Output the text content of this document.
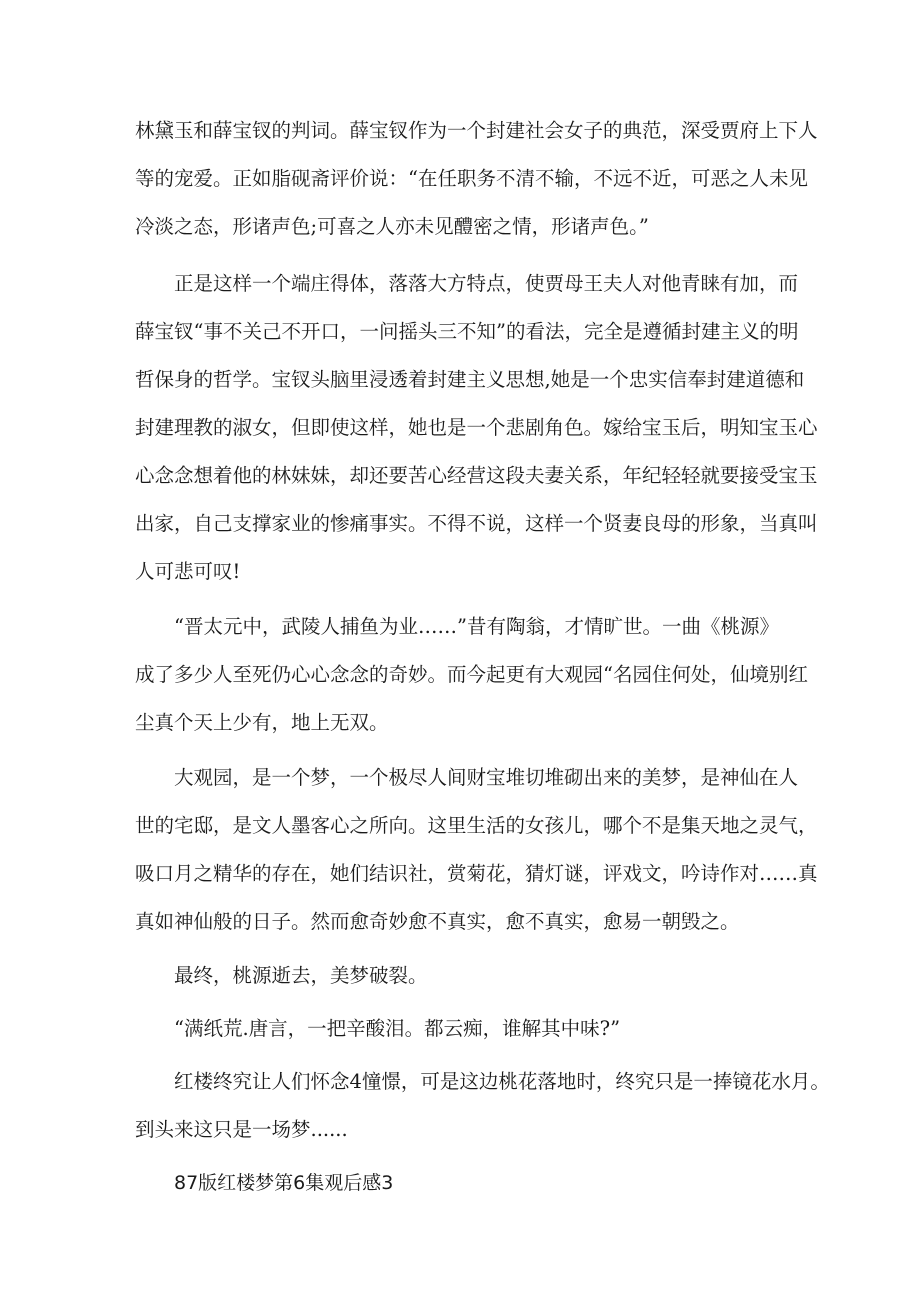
林黛玉和薛宝钗的判词。薛宝钗作为一个封建社会女子的典范，深受贾府上下人
等的宠爱。正如脂砚斋评价说：“在任职务不清不输，不远不近，可恶之人未见
冷淡之态，形诸声色;可喜之人亦未见醴密之情，形诸声色。”
正是这样一个端庄得体，落落大方特点，使贾母王夫人对他青睐有加，而
薛宝钗“事不关己不开口，一问摇头三不知”的看法，完全是遵循封建主义的明
哲保身的哲学。宝钗头脑里浸透着封建主义思想,她是一个忠实信奉封建道德和
封建理教的淑女，但即使这样，她也是一个悲剧角色。嫁给宝玉后，明知宝玉心
心念念想着他的林妹妹，却还要苦心经营这段夫妻关系，年纪轻轻就要接受宝玉
出家，自己支撑家业的惨痛事实。不得不说，这样一个贤妻良母的形象，当真叫
人可悲可叹!
“晋太元中，武陵人捕鱼为业……”昔有陶翁，才情旷世。一曲《桃源》
成了多少人至死仍心心念念的奇妙。而今起更有大观园“名园住何处，仙境别红
尘真个天上少有，地上无双。
大观园，是一个梦，一个极尽人间财宝堆切堆砌出来的美梦，是神仙在人
世的宅邸，是文人墨客心之所向。这里生活的女孩儿，哪个不是集天地之灵气，
吸口月之精华的存在，她们结识社，赏菊花，猜灯谜，评戏文，吟诗作对……真
真如神仙般的日子。然而愈奇妙愈不真实，愈不真实，愈易一朝毁之。
最终，桃源逝去，美梦破裂。
“满纸荒.唐言，一把辛酸泪。都云痴，谁解其中味?”
红楼终究让人们怀念4憧憬，可是这边桃花落地时，终究只是一捧镜花水月。
到头来这只是一场梦......
87版红楼梦第6集观后感3
